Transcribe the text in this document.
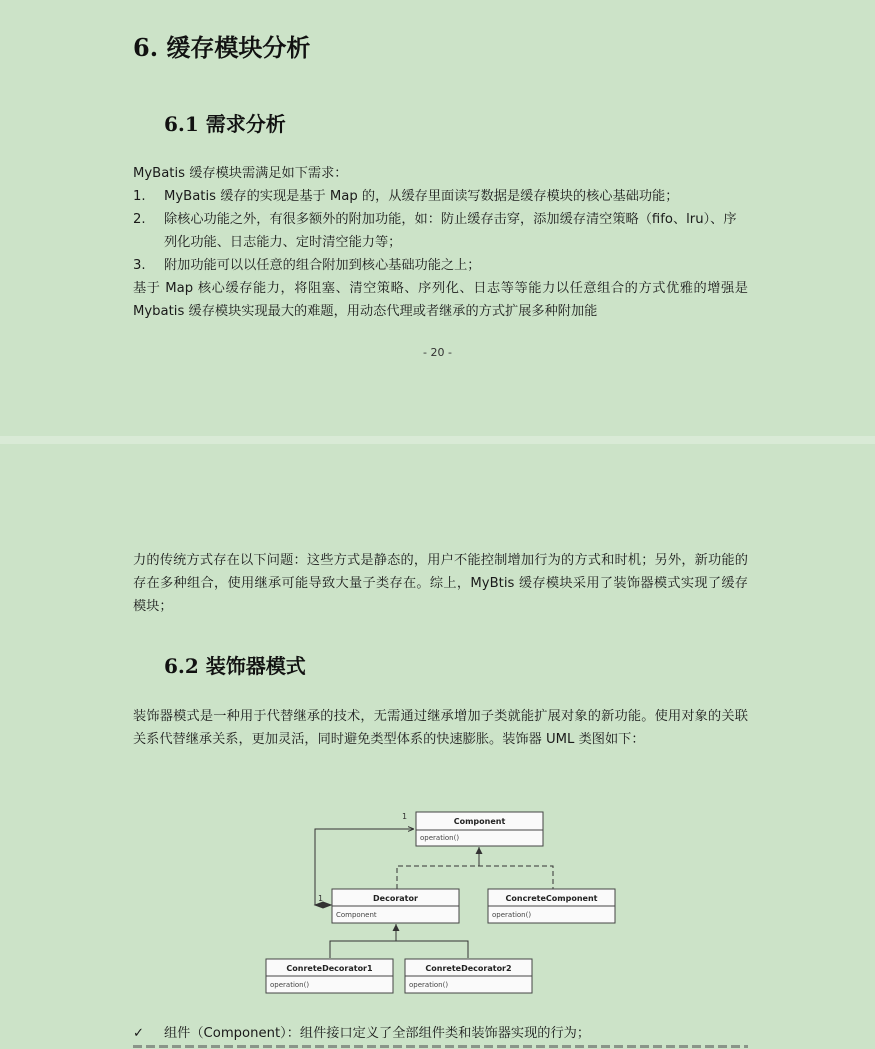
6. 缓存模块分析
6.1 需求分析
MyBatis 缓存模块需满足如下需求：
1.	MyBatis 缓存的实现是基于 Map 的，从缓存里面读写数据是缓存模块的核心基础功能；
2.	除核心功能之外，有很多额外的附加功能，如：防止缓存击穿，添加缓存清空策略（fifo、lru）、序列化功能、日志能力、定时清空能力等；
3.	附加功能可以以任意的组合附加到核心基础功能之上；
基于 Map 核心缓存能力，将阻塞、清空策略、序列化、日志等等能力以任意组合的方式优雅的增强是 Mybatis 缓存模块实现最大的难题，用动态代理或者继承的方式扩展多种附加能
- 20 -
力的传统方式存在以下问题：这些方式是静态的，用户不能控制增加行为的方式和时机；另外，新功能的存在多种组合，使用继承可能导致大量子类存在。综上，MyBtis 缓存模块采用了装饰器模式实现了缓存模块；
6.2 装饰器模式
装饰器模式是一种用于代替继承的技术，无需通过继承增加子类就能扩展对象的新功能。使用对象的关联关系代替继承关系，更加灵活，同时避免类型体系的快速膨胀。装饰器 UML 类图如下：
1
1
Component
operation()
Decorator
Component
ConcreteComponent
operation()
ConreteDecorator1
operation()
ConreteDecorator2
operation()
✓	组件（Component）：组件接口定义了全部组件类和装饰器实现的行为；
